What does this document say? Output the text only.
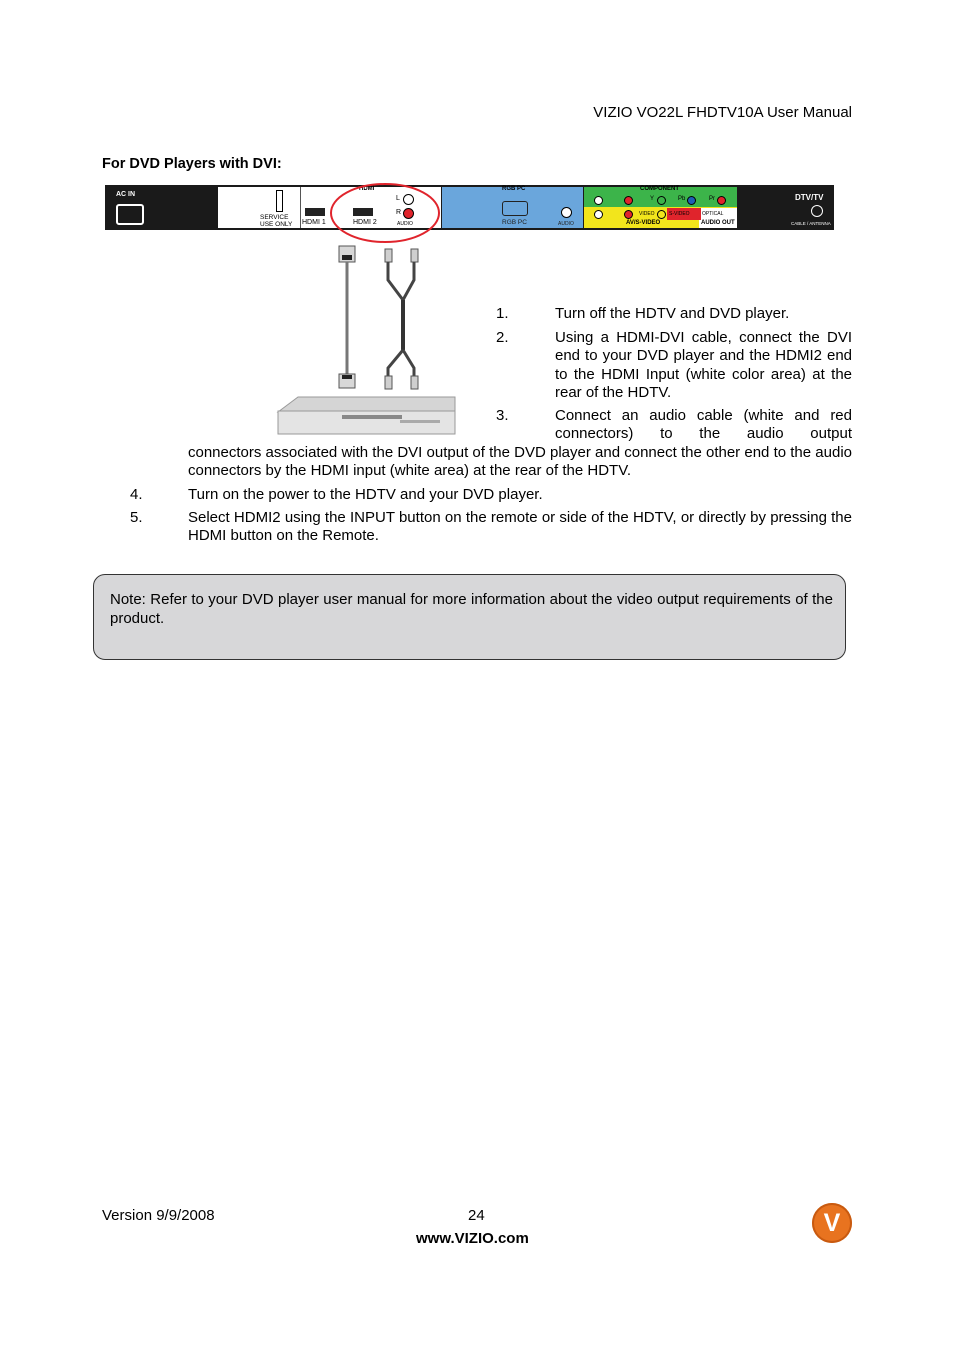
VIZIO VO22L FHDTV10A User Manual
For DVD Players with DVI:
AC IN
SERVICE
USE ONLY
HDMI
HDMI 1	HDMI 2
L
R
AUDIO
RGB PC
RGB PC	AUDIO
COMPONENT
Y	Pb	Pr
VIDEO	S-VIDEO OPTICAL
AV/S-VIDEO	AUDIO OUT
DTV/TV
CABLE / ANTENNA
1.	Turn off the HDTV and DVD player.
2.	Using a HDMI-DVI cable, connect the DVI end to your DVD player and the HDMI2 end to the HDMI Input (white color area) at the rear of the HDTV.
3.	Connect an audio cable (white and red connectors) to the audio output
connectors associated with the DVI output of the DVD player and connect the other end to the audio connectors by the HDMI input (white area) at the rear of the HDTV.
4.	Turn on the power to the HDTV and your DVD player.
5.	Select HDMI2 using the INPUT button on the remote or side of the HDTV, or directly by pressing the HDMI button on the Remote.
Note: Refer to your DVD player user manual for more information about the video output requirements of the product.
Version 9/9/2008	24
www.VIZIO.com
V
